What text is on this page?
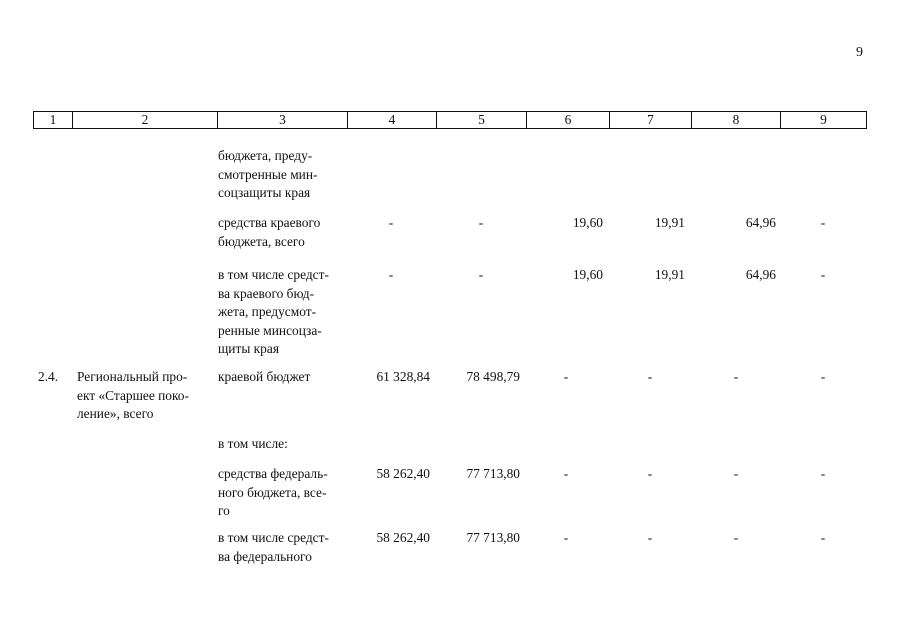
9
1	2	3	4	5	6	7	8	9
бюджета, преду-
смотренные мин-
соцзащиты края
средства краевого
бюджета, всего
-	-	19,60	19,91	64,96	-
в том числе средст-
ва краевого бюд-
жета, предусмот-
ренные минсоцза-
щиты края
-	-	19,60	19,91	64,96	-
2.4. Региональный про-
ект «Старшее поко-
ление», всего
краевой бюджет	61 328,84	78 498,79	-	-	-	-
в том числе:
средства федераль-
ного бюджета, все-
го
58 262,40	77 713,80	-	-	-	-
в том числе средст-
ва федерального
58 262,40	77 713,80	-	-	-	-
